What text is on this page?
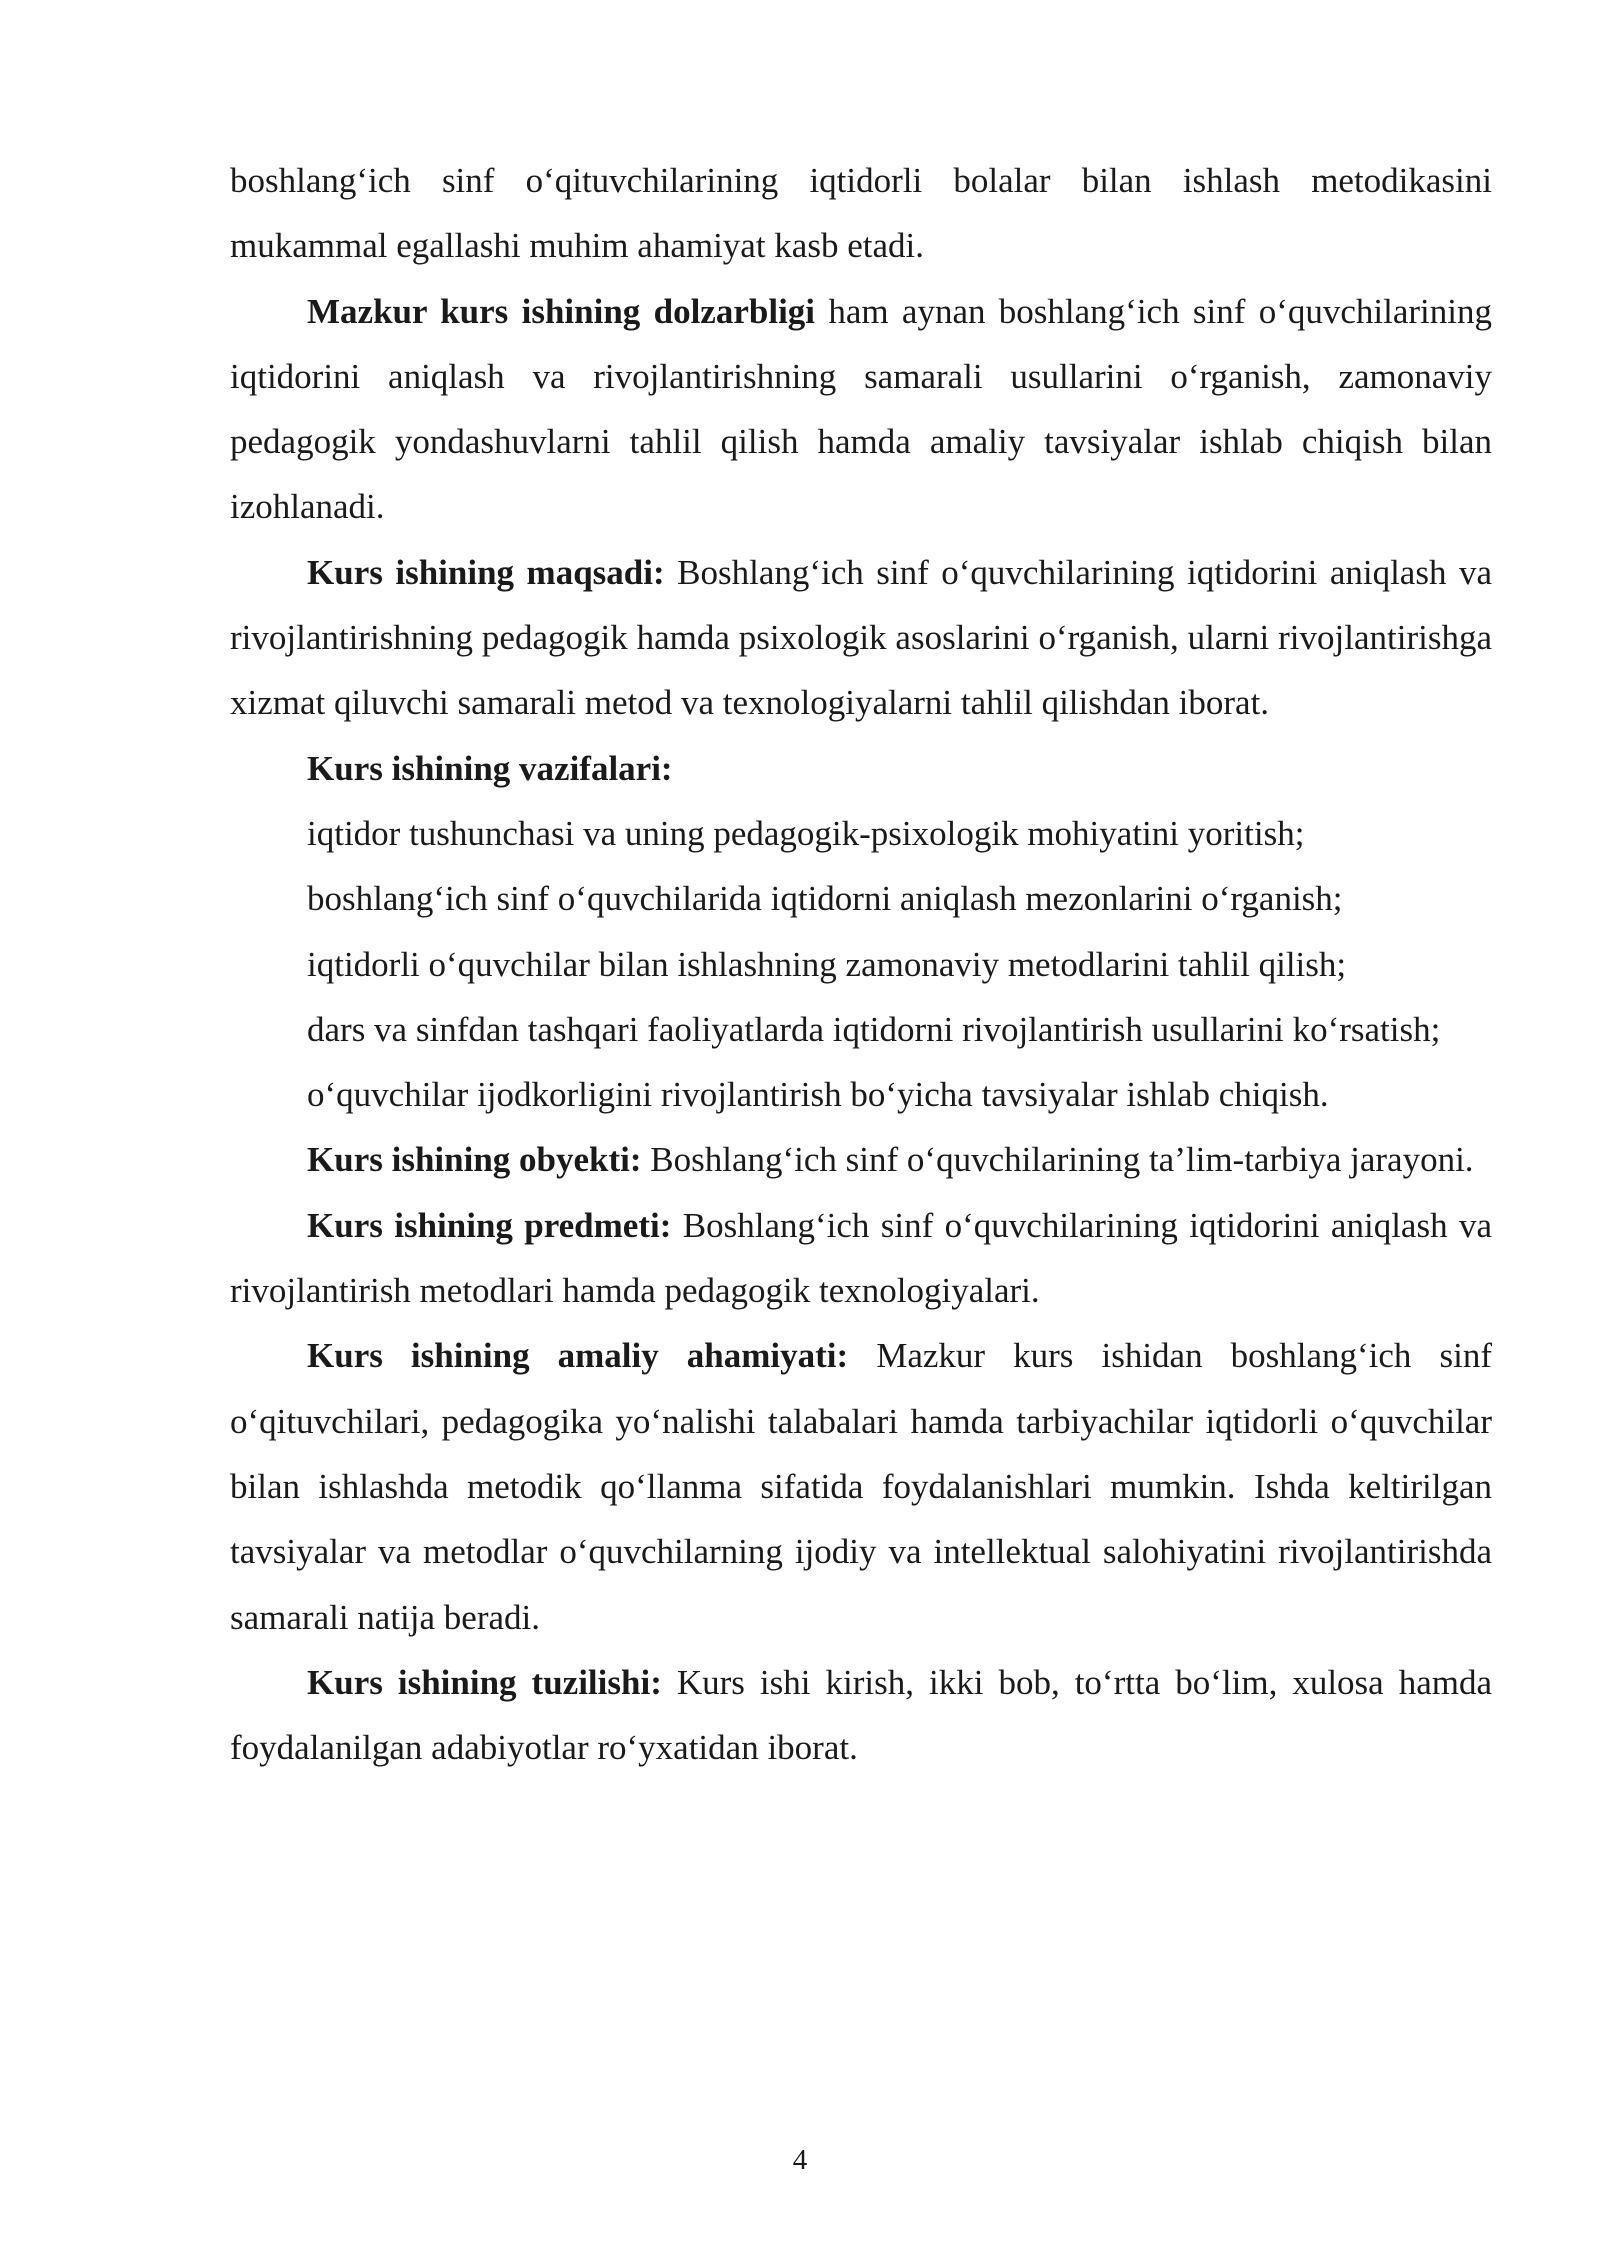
boshlang‘ich sinf o‘qituvchilarining iqtidorli bolalar bilan ishlash metodikasini mukammal egallashi muhim ahamiyat kasb etadi.

Mazkur kurs ishining dolzarbligi ham aynan boshlang‘ich sinf o‘quvchilarining iqtidorini aniqlash va rivojlantirishning samarali usullarini o‘rganish, zamonaviy pedagogik yondashuvlarni tahlil qilish hamda amaliy tavsiyalar ishlab chiqish bilan izohlanadi.

Kurs ishining maqsadi: Boshlang‘ich sinf o‘quvchilarining iqtidorini aniqlash va rivojlantirishning pedagogik hamda psixologik asoslarini o‘rganish, ularni rivojlantirishga xizmat qiluvchi samarali metod va texnologiyalarni tahlil qilishdan iborat.

Kurs ishining vazifalari:

iqtidor tushunchasi va uning pedagogik-psixologik mohiyatini yoritish;

boshlang‘ich sinf o‘quvchilarida iqtidorni aniqlash mezonlarini o‘rganish;

iqtidorli o‘quvchilar bilan ishlashning zamonaviy metodlarini tahlil qilish;

dars va sinfdan tashqari faoliyatlarda iqtidorni rivojlantirish usullarini ko‘rsatish;

o‘quvchilar ijodkorligini rivojlantirish bo‘yicha tavsiyalar ishlab chiqish.

Kurs ishining obyekti: Boshlang‘ich sinf o‘quvchilarining ta’lim-tarbiya jarayoni.

Kurs ishining predmeti: Boshlang‘ich sinf o‘quvchilarining iqtidorini aniqlash va rivojlantirish metodlari hamda pedagogik texnologiyalari.

Kurs ishining amaliy ahamiyati: Mazkur kurs ishidan boshlang‘ich sinf o‘qituvchilari, pedagogika yo‘nalishi talabalari hamda tarbiyachilar iqtidorli o‘quvchilar bilan ishlashda metodik qo‘llanma sifatida foydalanishlari mumkin. Ishda keltirilgan tavsiyalar va metodlar o‘quvchilarning ijodiy va intellektual salohiyatini rivojlantirishda samarali natija beradi.

Kurs ishining tuzilishi: Kurs ishi kirish, ikki bob, to‘rtta bo‘lim, xulosa hamda foydalanilgan adabiyotlar ro‘yxatidan iborat.

4
